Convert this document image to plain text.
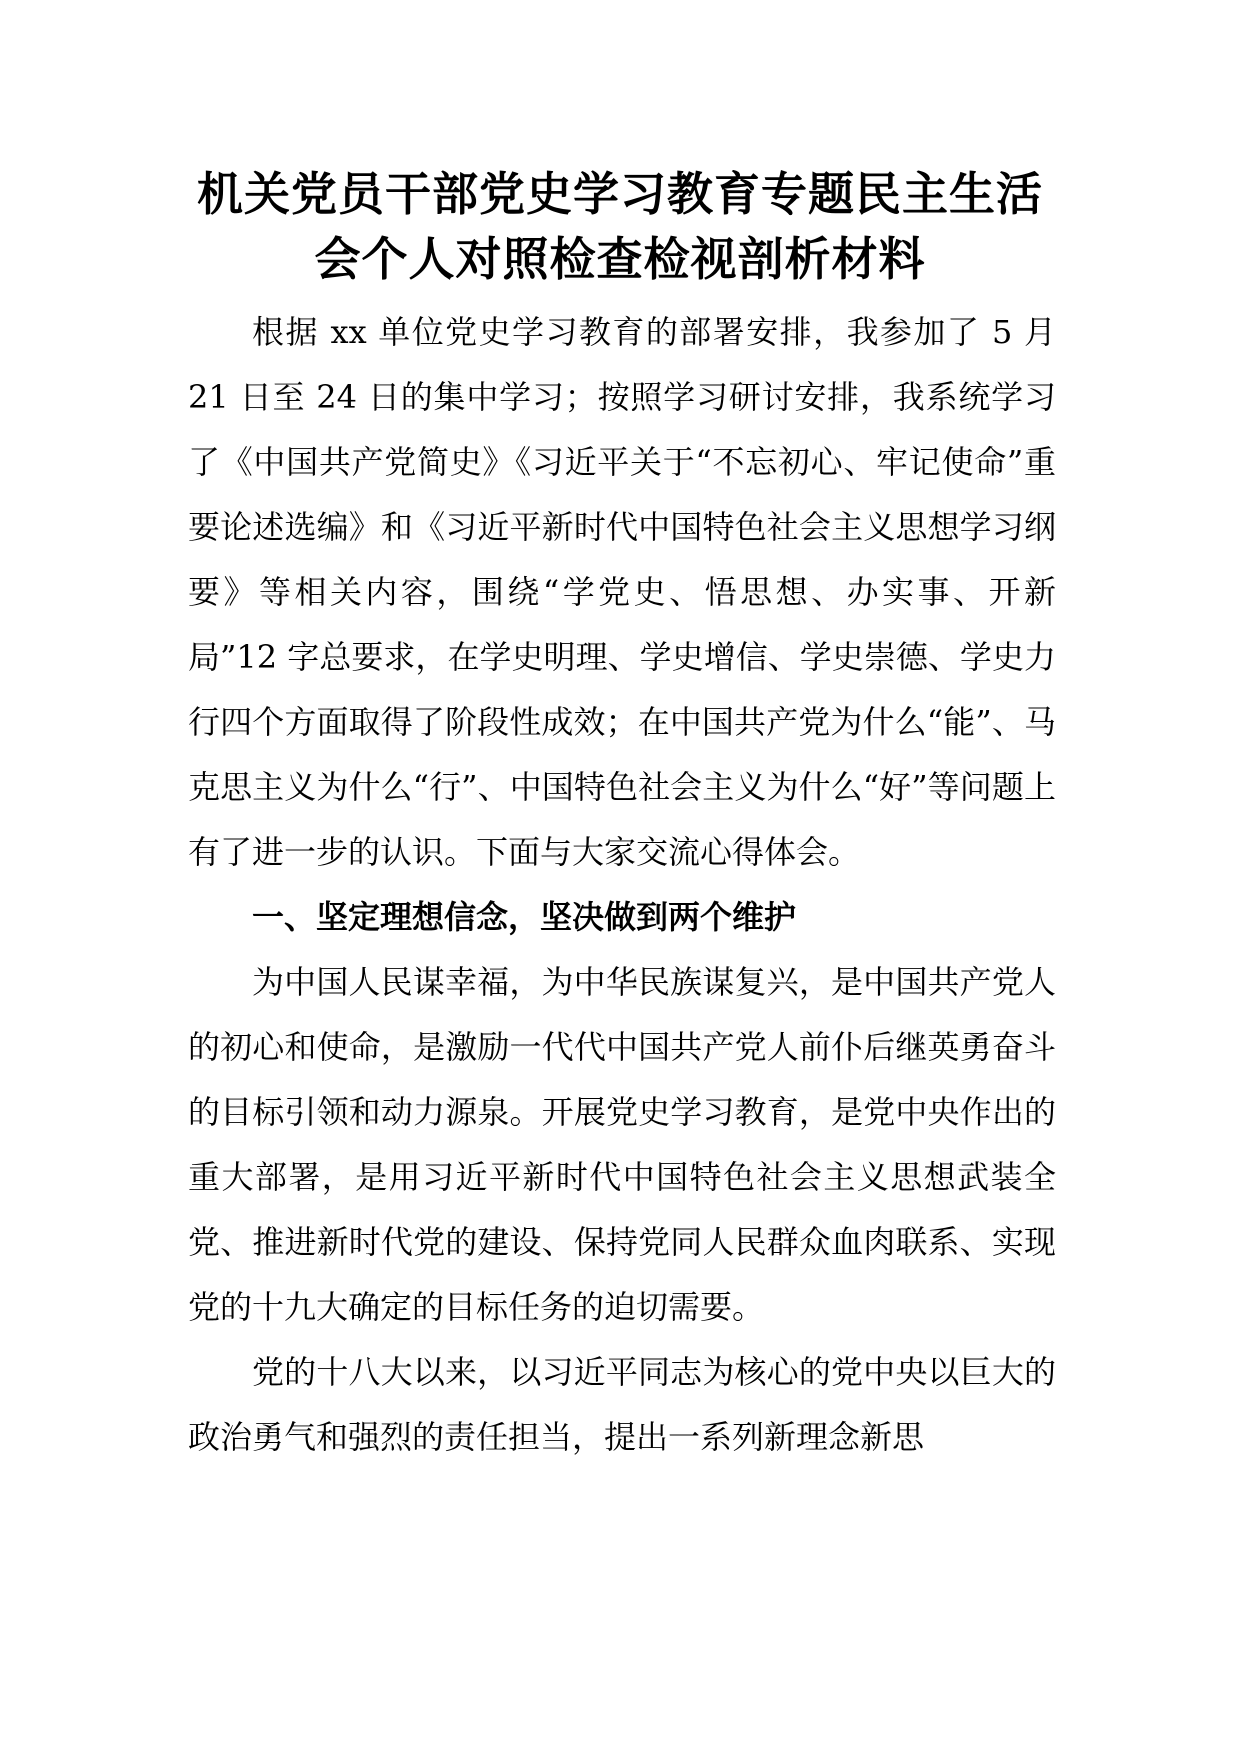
机关党员干部党史学习教育专题民主生活
会个人对照检查检视剖析材料

根据 xx 单位党史学习教育的部署安排，我参加了 5 月 21 日至 24 日的集中学习；按照学习研讨安排，我系统学习了《中国共产党简史》《习近平关于“不忘初心、牢记使命”重要论述选编》和《习近平新时代中国特色社会主义思想学习纲要》等相关内容，围绕“学党史、悟思想、办实事、开新局”12 字总要求，在学史明理、学史增信、学史崇德、学史力行四个方面取得了阶段性成效；在中国共产党为什么“能”、马克思主义为什么“行”、中国特色社会主义为什么“好”等问题上有了进一步的认识。下面与大家交流心得体会。

一、坚定理想信念，坚决做到两个维护

为中国人民谋幸福，为中华民族谋复兴，是中国共产党人的初心和使命，是激励一代代中国共产党人前仆后继英勇奋斗的目标引领和动力源泉。开展党史学习教育，是党中央作出的重大部署，是用习近平新时代中国特色社会主义思想武装全党、推进新时代党的建设、保持党同人民群众血肉联系、实现党的十九大确定的目标任务的迫切需要。

党的十八大以来，以习近平同志为核心的党中央以巨大的政治勇气和强烈的责任担当，提出一系列新理念新思
